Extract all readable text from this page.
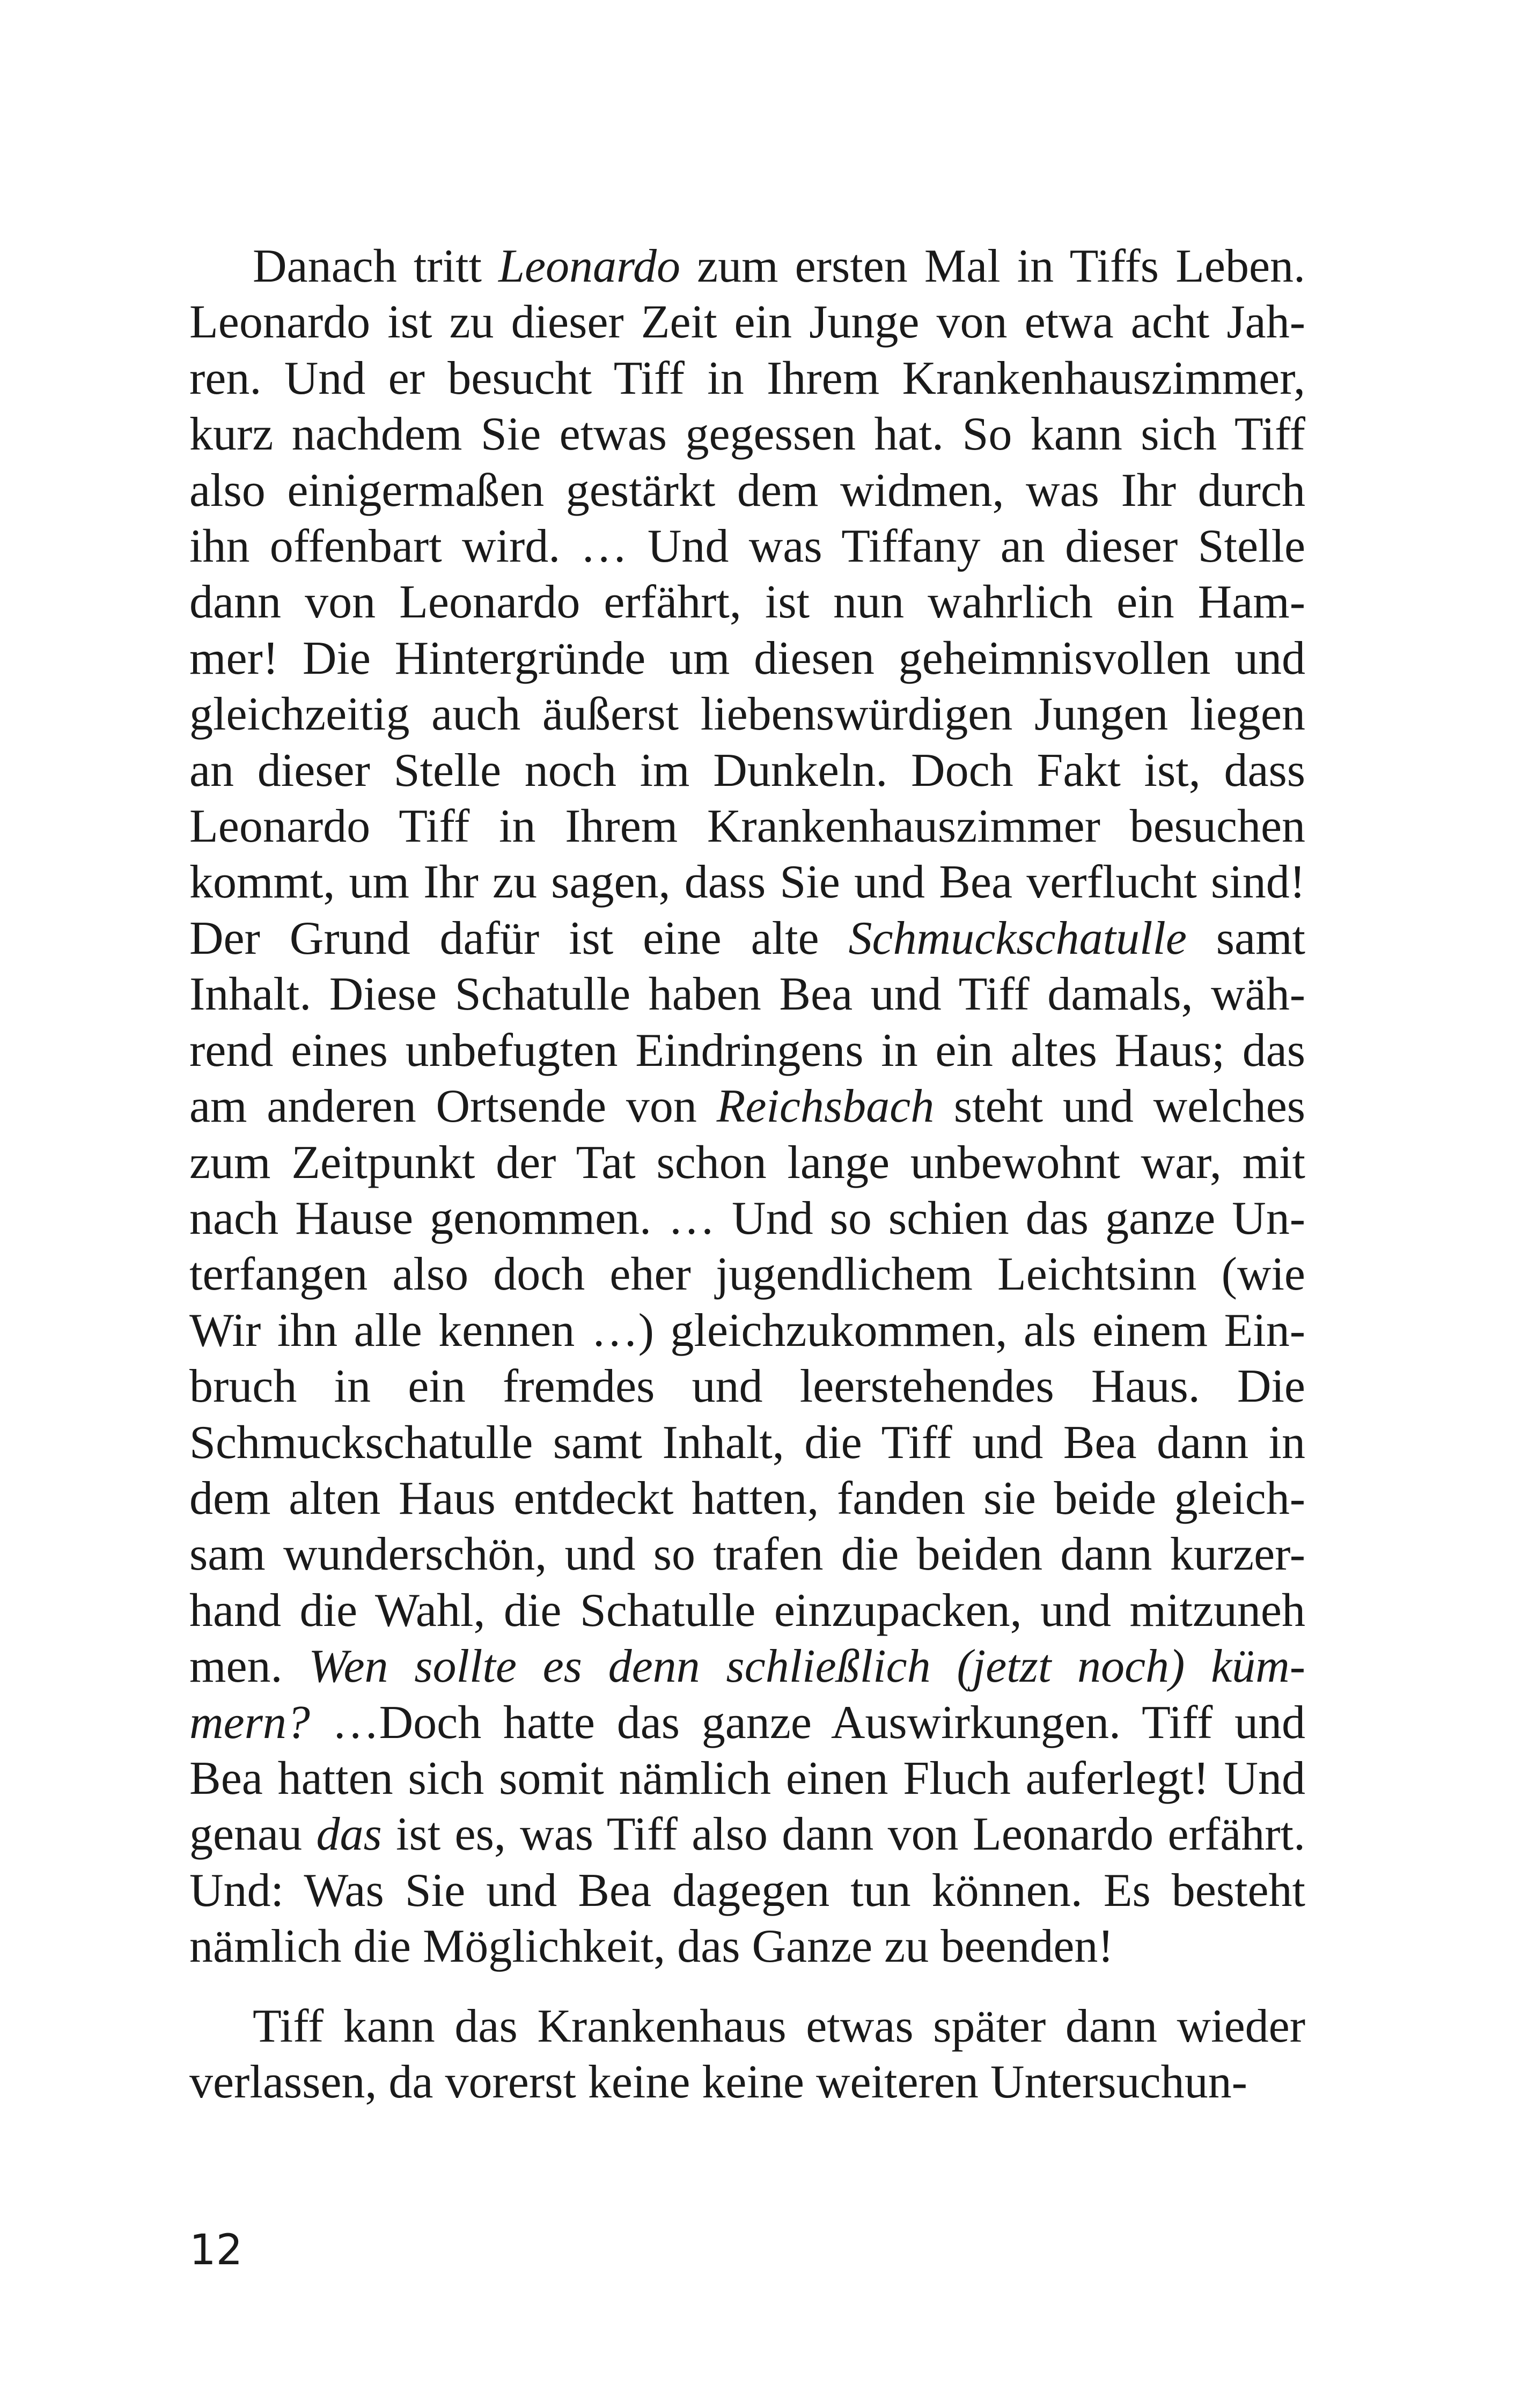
Danach tritt Leonardo zum ersten Mal in Tiffs Leben.
Leonardo ist zu dieser Zeit ein Junge von etwa acht Jah-
ren. Und er besucht Tiff in Ihrem Krankenhauszimmer,
kurz nachdem Sie etwas gegessen hat. So kann sich Tiff
also einigermaßen gestärkt dem widmen, was Ihr durch
ihn offenbart wird. … Und was Tiffany an dieser Stelle
dann von Leonardo erfährt, ist nun wahrlich ein Ham-
mer! Die Hintergründe um diesen geheimnisvollen und
gleichzeitig auch äußerst liebenswürdigen Jungen liegen
an dieser Stelle noch im Dunkeln. Doch Fakt ist, dass
Leonardo Tiff in Ihrem Krankenhauszimmer besuchen
kommt, um Ihr zu sagen, dass Sie und Bea verflucht sind!
Der Grund dafür ist eine alte Schmuckschatulle samt
Inhalt. Diese Schatulle haben Bea und Tiff damals, wäh-
rend eines unbefugten Eindringens in ein altes Haus; das
am anderen Ortsende von Reichsbach steht und welches
zum Zeitpunkt der Tat schon lange unbewohnt war, mit
nach Hause genommen. … Und so schien das ganze Un-
terfangen also doch eher jugendlichem Leichtsinn (wie
Wir ihn alle kennen …) gleichzukommen, als einem Ein-
bruch in ein fremdes und leerstehendes Haus. Die
Schmuckschatulle samt Inhalt, die Tiff und Bea dann in
dem alten Haus entdeckt hatten, fanden sie beide gleich-
sam wunderschön, und so trafen die beiden dann kurzer-
hand die Wahl, die Schatulle einzupacken, und mitzuneh
men. Wen sollte es denn schließlich (jetzt noch) küm-
mern? …Doch hatte das ganze Auswirkungen. Tiff und
Bea hatten sich somit nämlich einen Fluch auferlegt! Und
genau das ist es, was Tiff also dann von Leonardo erfährt.
Und: Was Sie und Bea dagegen tun können. Es besteht
nämlich die Möglichkeit, das Ganze zu beenden!
Tiff kann das Krankenhaus etwas später dann wieder
verlassen, da vorerst keine keine weiteren Untersuchun-
12
